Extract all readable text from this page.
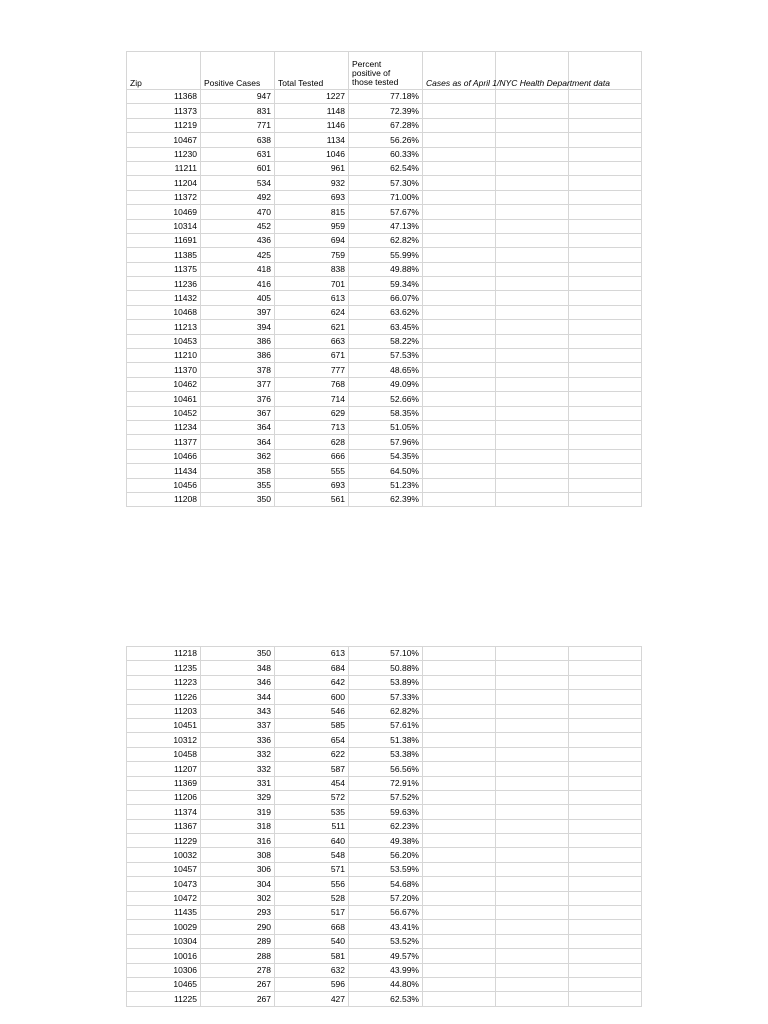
Zip	Positive Cases	Total Tested	Percent
positive of
those tested	Cases as of April 1/NYC Health Department data		
11368	947	1227	77.18%			
11373	831	1148	72.39%			
11219	771	1146	67.28%			
10467	638	1134	56.26%			
11230	631	1046	60.33%			
11211	601	961	62.54%			
11204	534	932	57.30%			
11372	492	693	71.00%			
10469	470	815	57.67%			
10314	452	959	47.13%			
11691	436	694	62.82%			
11385	425	759	55.99%			
11375	418	838	49.88%			
11236	416	701	59.34%			
11432	405	613	66.07%			
10468	397	624	63.62%			
11213	394	621	63.45%			
10453	386	663	58.22%			
11210	386	671	57.53%			
11370	378	777	48.65%			
10462	377	768	49.09%			
10461	376	714	52.66%			
10452	367	629	58.35%			
11234	364	713	51.05%			
11377	364	628	57.96%			
10466	362	666	54.35%			
11434	358	555	64.50%			
10456	355	693	51.23%			
11208	350	561	62.39%			
11218	350	613	57.10%			
11235	348	684	50.88%			
11223	346	642	53.89%			
11226	344	600	57.33%			
11203	343	546	62.82%			
10451	337	585	57.61%			
10312	336	654	51.38%			
10458	332	622	53.38%			
11207	332	587	56.56%			
11369	331	454	72.91%			
11206	329	572	57.52%			
11374	319	535	59.63%			
11367	318	511	62.23%			
11229	316	640	49.38%			
10032	308	548	56.20%			
10457	306	571	53.59%			
10473	304	556	54.68%			
10472	302	528	57.20%			
11435	293	517	56.67%			
10029	290	668	43.41%			
10304	289	540	53.52%			
10016	288	581	49.57%			
10306	278	632	43.99%			
10465	267	596	44.80%			
11225	267	427	62.53%			
